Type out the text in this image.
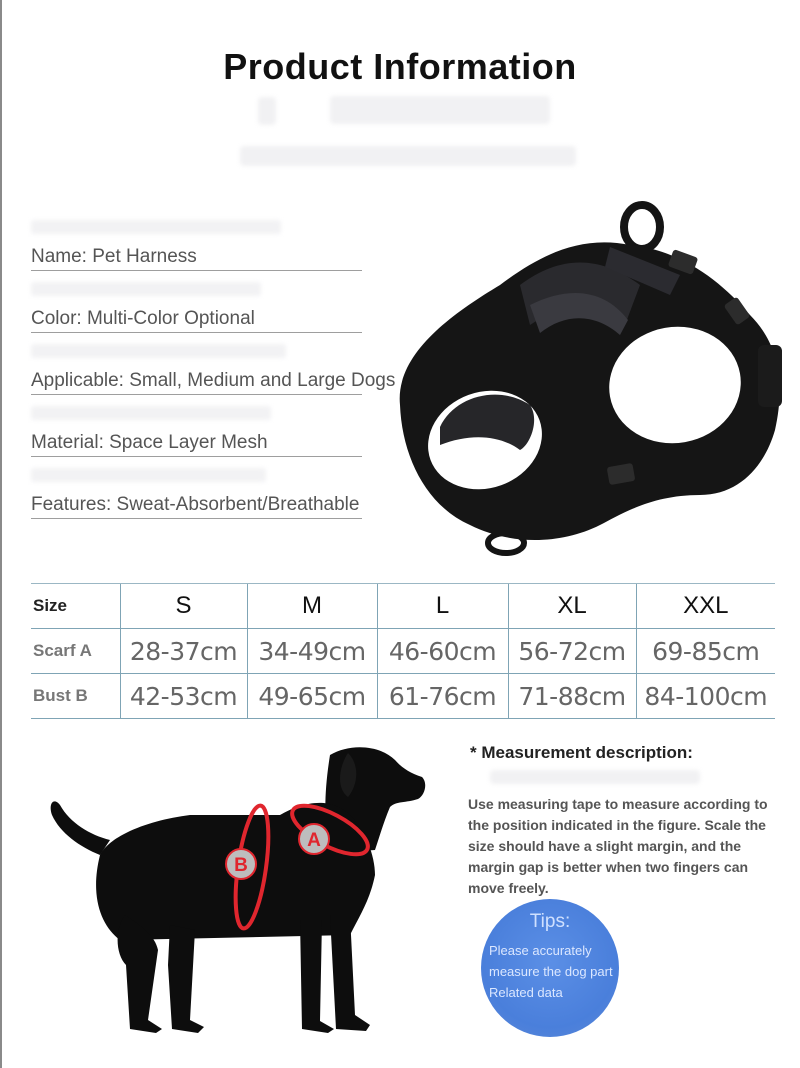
Product Information
Name: Pet Harness
Color: Multi-Color Optional
Applicable: Small, Medium and Large Dogs
Material: Space Layer Mesh
Features: Sweat-Absorbent/Breathable
Size	S	M	L	XL	XXL
Scarf A	28-37cm	34-49cm	46-60cm	56-72cm	69-85cm
Bust B	42-53cm	49-65cm	61-76cm	71-88cm	84-100cm
A
B
* Measurement description:
Use measuring tape to measure according to the position indicated in the figure. Scale the size should have a slight margin, and the margin gap is better when two fingers can move freely.
Tips:
Please accurately measure the dog part Related data
